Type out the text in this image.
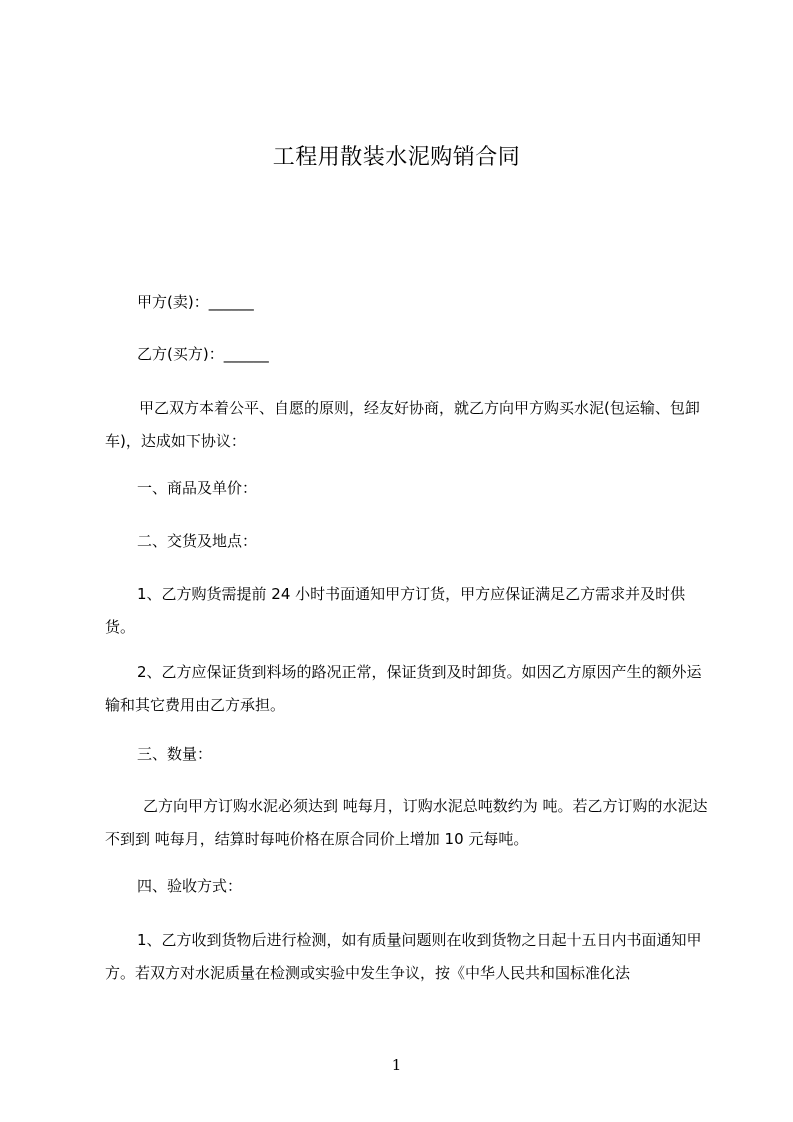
工程用散装水泥购销合同
甲方(卖)：______
乙方(买方)：______
甲乙双方本着公平、自愿的原则，经友好协商，就乙方向甲方购买水泥(包运输、包卸车)，达成如下协议：
一、商品及单价：
二、交货及地点：
1、乙方购货需提前 24 小时书面通知甲方订货，甲方应保证满足乙方需求并及时供货。
2、乙方应保证货到料场的路况正常，保证货到及时卸货。如因乙方原因产生的额外运输和其它费用由乙方承担。
三、数量：
乙方向甲方订购水泥必须达到 吨每月，订购水泥总吨数约为 吨。若乙方订购的水泥达不到到 吨每月，结算时每吨价格在原合同价上增加 10 元每吨。
四、验收方式：
1、乙方收到货物后进行检测，如有质量问题则在收到货物之日起十五日内书面通知甲方。若双方对水泥质量在检测或实验中发生争议，按《中华人民共和国标准化法
1
